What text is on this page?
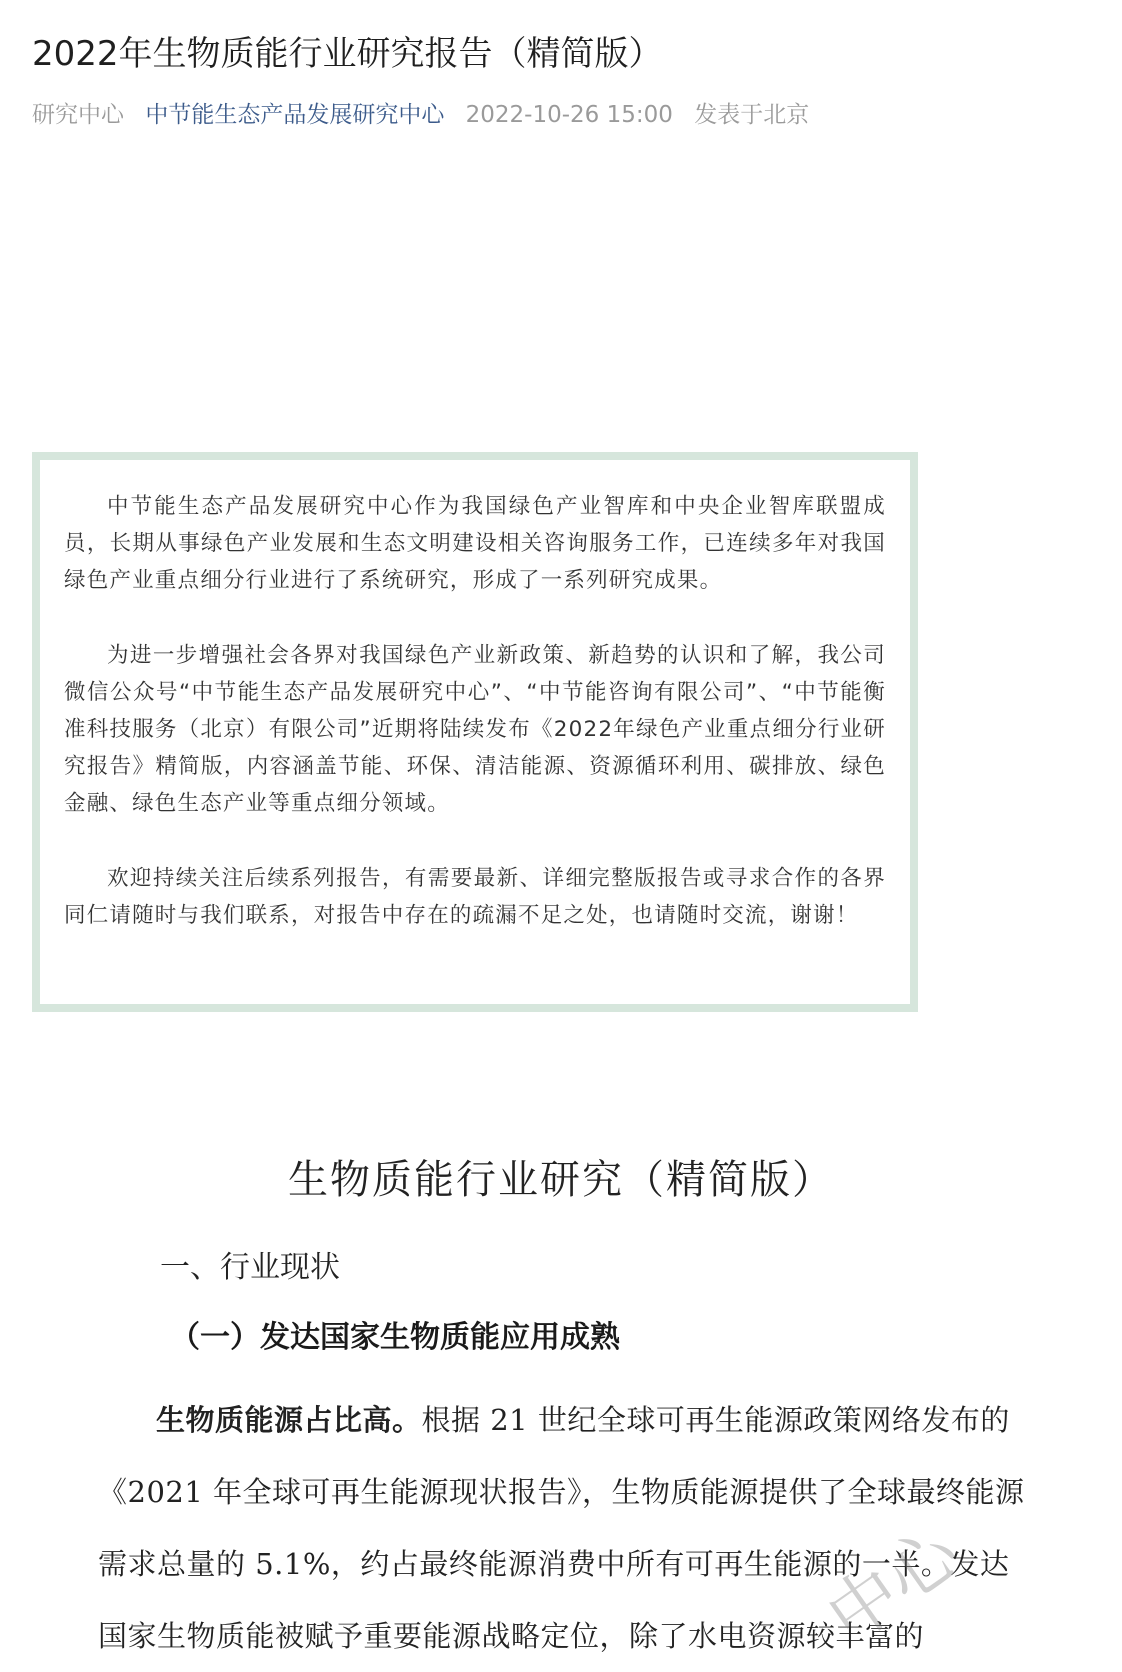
2022年生物质能行业研究报告（精简版）
研究中心 中节能生态产品发展研究中心 2022-10-26 15:00 发表于北京

中节能生态产品发展研究中心作为我国绿色产业智库和中央企业智库联盟成员，长期从事绿色产业发展和生态文明建设相关咨询服务工作，已连续多年对我国绿色产业重点细分行业进行了系统研究，形成了一系列研究成果。

为进一步增强社会各界对我国绿色产业新政策、新趋势的认识和了解，我公司微信公众号“中节能生态产品发展研究中心”、“中节能咨询有限公司”、“中节能衡准科技服务（北京）有限公司”近期将陆续发布《2022年绿色产业重点细分行业研究报告》精简版，内容涵盖节能、环保、清洁能源、资源循环利用、碳排放、绿色金融、绿色生态产业等重点细分领域。

欢迎持续关注后续系列报告，有需要最新、详细完整版报告或寻求合作的各界同仁请随时与我们联系，对报告中存在的疏漏不足之处，也请随时交流，谢谢！

生物质能行业研究（精简版）
一、行业现状
（一）发达国家生物质能应用成熟

生物质能源占比高。根据 21 世纪全球可再生能源政策网络发布的《2021 年全球可再生能源现状报告》，生物质能源提供了全球最终能源需求总量的 5.1%，约占最终能源消费中所有可再生能源的一半。发达国家生物质能被赋予重要能源战略定位，除了水电资源较丰富的

中心
